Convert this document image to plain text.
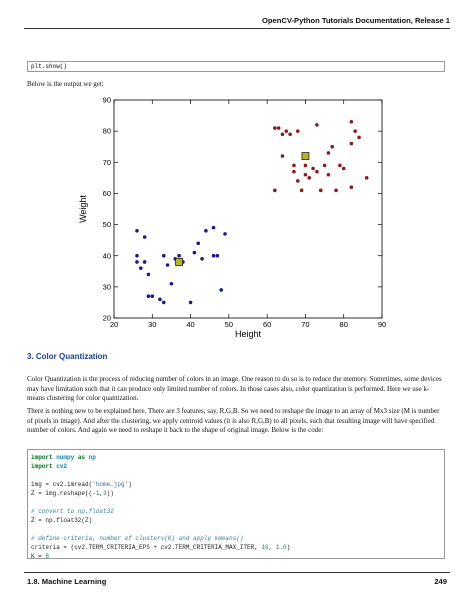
OpenCV-Python Tutorials Documentation, Release 1
plt.show()
Below is the output we get:
20	30	40	50	60	70	80	90
20
30
40
50
60
70
80
90
Height
Weight
3. Color Quantization
Color Quantization is the process of reducing number of colors in an image. One reason to do so is to reduce the memory. Sometimes, some devices may have limitation such that it can produce only limited number of colors. In those cases also, color quantization is performed. Here we use k-means clustering for color quantization.
There is nothing new to be explained here. There are 3 features, say, R,G,B. So we need to reshape the image to an array of Mx3 size (M is number of pixels in image). And after the clustering, we apply centroid values (it is also R,G,B) to all pixels, such that resulting image will have specified number of colors. And again we need to reshape it back to the shape of original image. Below is the code:
import numpy as np
import cv2

img = cv2.imread('home.jpg')
Z = img.reshape((-1,3))

# convert to np.float32
Z = np.float32(Z)

# define criteria, number of clusters(K) and apply kmeans()
criteria = (cv2.TERM_CRITERIA_EPS + cv2.TERM_CRITERIA_MAX_ITER, 10, 1.0)
K = 8
1.8. Machine Learning	249
